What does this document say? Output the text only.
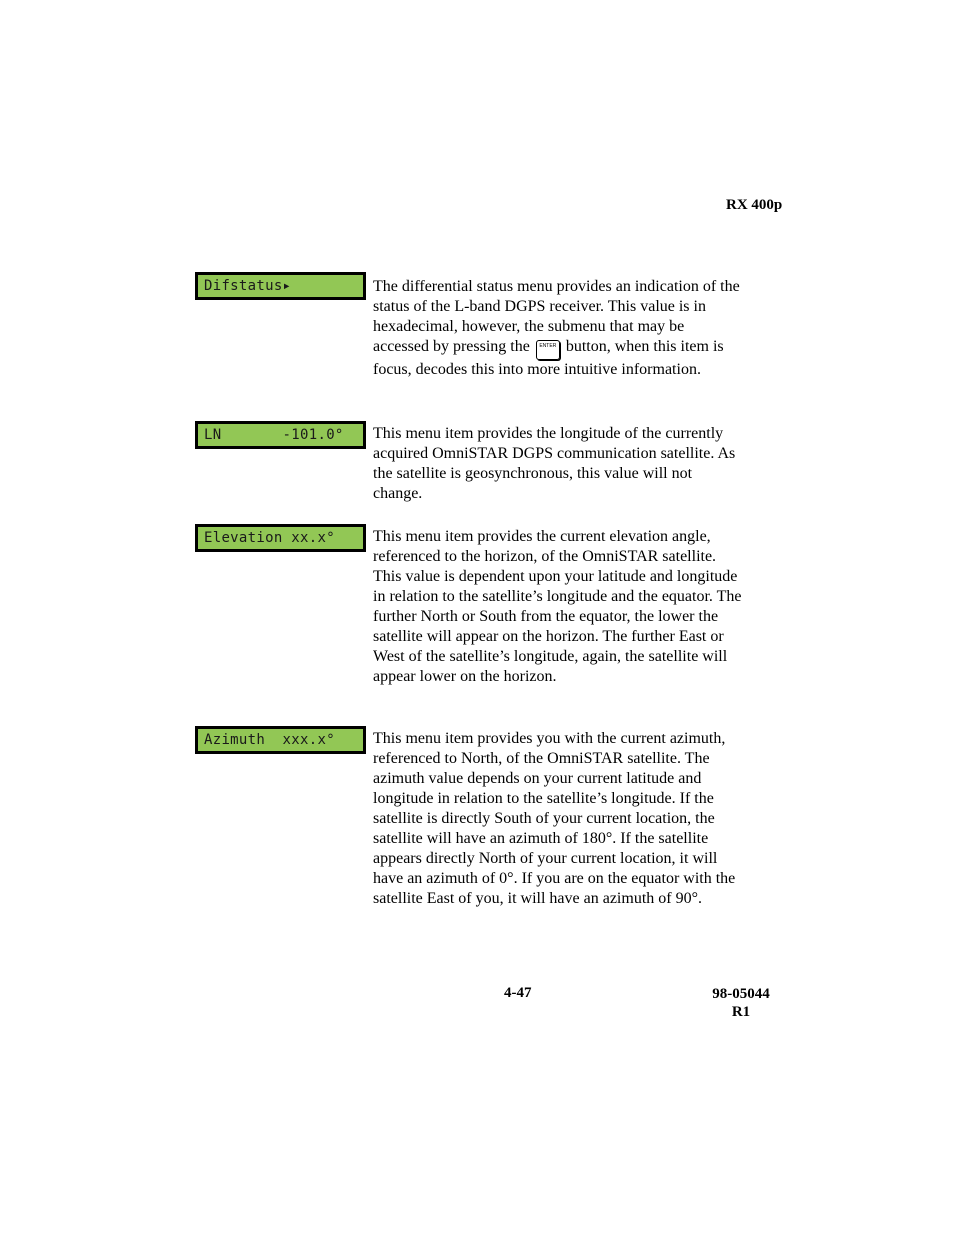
RX 400p
Difstatus▸	The differential status menu provides an indication of the status of the L-band DGPS receiver. This value is in hexadecimal, however, the submenu that may be accessed by pressing the ENTER button, when this item is focus, decodes this into more intuitive information.

LN       -101.0°	This menu item provides the longitude of the currently acquired OmniSTAR DGPS communication satellite. As the satellite is geosynchronous, this value will not change.

Elevation xx.x°	This menu item provides the current elevation angle, referenced to the horizon, of the OmniSTAR satellite. This value is dependent upon your latitude and longitude in relation to the satellite’s longitude and the equator. The further North or South from the equator, the lower the satellite will appear on the horizon. The further East or West of the satellite’s longitude, again, the satellite will appear lower on the horizon.

Azimuth  xxx.x°	This menu item provides you with the current azimuth, referenced to North, of the OmniSTAR satellite. The azimuth value depends on your current latitude and longitude in relation to the satellite’s longitude. If the satellite is directly South of your current location, the satellite will have an azimuth of 180°. If the satellite appears directly North of your current location, it will have an azimuth of 0°. If you are on the equator with the satellite East of you, it will have an azimuth of 90°.

4-47	98-05044
R1
